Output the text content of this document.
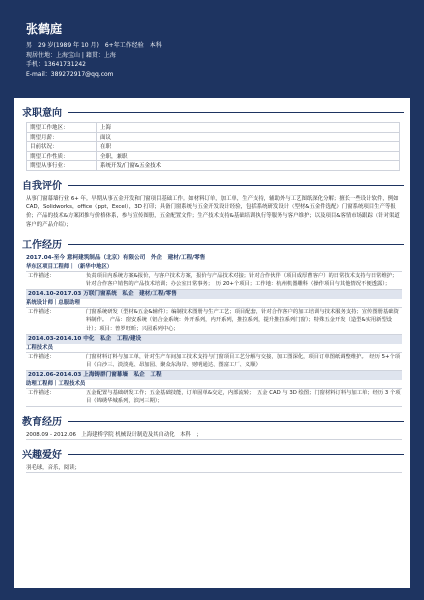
张鹤庭
男　29 岁(1989 年 10 月)　6+年工作经验　本科
现居住地：上海宝山 | 籍贯：上海
手机：13641731242
E-mail：389272917@qq.com
求职意向
期望工作地区：	上海
期望月薪：	面议
目前状况：	在职
期望工作性质：	全职，兼职
期望从事行业：	系统开发/门窗&五金技术
自我评价
从事门窗幕墙行业 6+ 年。早期从事五金开发和门窗项目基础工作。如材料订单，加工单，生产支持，辅助外与工艺图纸深化分解；擅长一些设计软件，例如 CAD，Solidworks，office（ppt，Excel），3D 打印；具备门窗系统与五金开发设计经验，包括系统研发设计（型材&五金件选配）门窗系统项目生产等报价；产品的技术&方案团推与价格体系，参与宣传图册，五金配置文件；生产技术支持&基础培训执行等服务与客户维护；以及项目&客情市场跟踪（针对渠道客户的产品介绍）；
工作经历
2017.04-至今 意柯建筑制品（北京）有限公司　外企　建材/工程/零售
华东区项目工程师｜（新华中地区）
工作描述：	负责项目内系统方案&报价，与客户技术方案，报价与产品技术对接；针对合作伙伴（项目成厚曹客户）的日常技术支持与日常维护；针对合作客户销售的产品技术培训；办公室日常事务；　历 20+个项目；工作地：杭州机器雕科（操作项目与其他情况不便透露）；
2014.10-2017.03 万联门窗系统　私企　建材/工程/零售
系统设计师｜总服助理
工作描述：	门窗系统研发（型材&五金&辅件）；编制技术图册与生产工艺；项目配套，针对合作客户的加工培训与技术服务支持；宣传图册基础资料制作。　产品：窗安系统（铝合金系统：外开系列，内开系列，推拉系列，提升推拉系列门窗）；特殊五金开发（造型&实用新型设计）；项目：曾罗旺昕；兴园系列中心；
2014.03-2014.10 中化　私企　工程/建设
工程技术员
工作描述：	门窗材料订料与加工单，针对生产车间加工技术支持与门窗项目工艺分解与交接，加工图深化，项目订单图纸调整维护。　经历 5+个项目（白沙三、淡淡苑、昂加园、聚众东海岸、财明通达、图富工厂、义顺）
2012.06-2014.03 上海铸群门窗幕墙　私企　工程
助理工程师｜工程技术员
工作描述：	五金配置与基础研发工作；五金基础技能，订单固单&交定，内部流转；　五金 CAD 与 3D 绘图；门窗材料订料与加工单；经历 3 个项目（锦绣华城系列，滨河三期）；
教育经历
2008.09 - 2012.06　上海建桥学院 机械设计制造及其自动化　本科　；
兴趣爱好
羽毛球，音乐，阅读；
